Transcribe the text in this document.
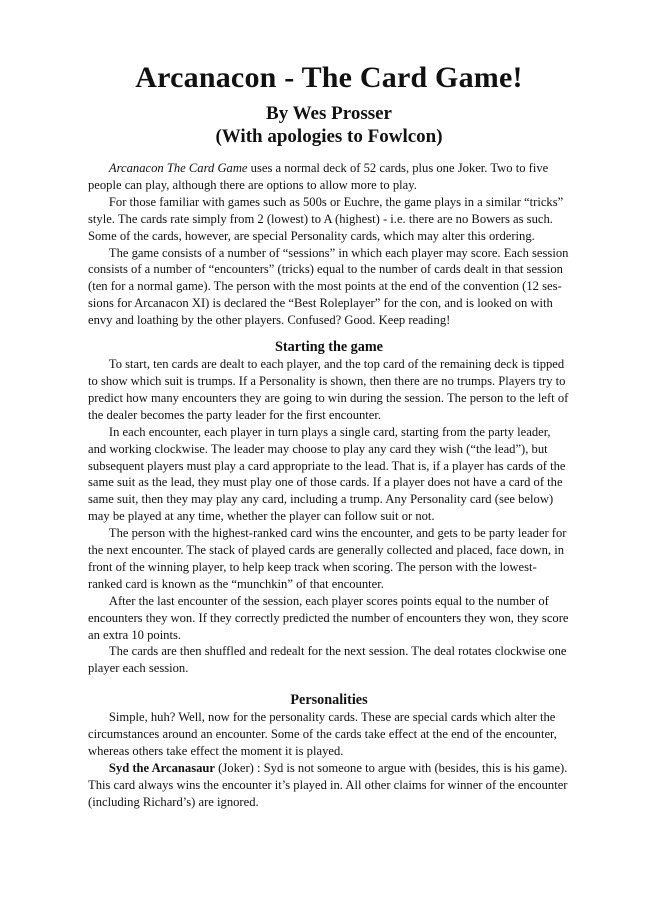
Arcanacon - The Card Game!
By Wes Prosser
(With apologies to Fowlcon)

  Arcanacon The Card Game uses a normal deck of 52 cards, plus one Joker. Two to five people can play, although there are options to allow more to play.

  For those familiar with games such as 500s or Euchre, the game plays in a similar “tricks” style. The cards rate simply from 2 (lowest) to A (highest) - i.e. there are no Bowers as such. Some of the cards, however, are special Personality cards, which may alter this ordering.

  The game consists of a number of “sessions” in which each player may score. Each session consists of a number of “encounters” (tricks) equal to the number of cards dealt in that session (ten for a normal game). The person with the most points at the end of the convention (12 ses- sions for Arcanacon XI) is declared the “Best Roleplayer” for the con, and is looked on with envy and loathing by the other players. Confused? Good. Keep reading!

Starting the game

  To start, ten cards are dealt to each player, and the top card of the remaining deck is tipped to show which suit is trumps. If a Personality is shown, then there are no trumps. Players try to predict how many encounters they are going to win during the session. The person to the left of the dealer becomes the party leader for the first encounter.

  In each encounter, each player in turn plays a single card, starting from the party leader, and working clockwise. The leader may choose to play any card they wish (“the lead”), but subsequent players must play a card appropriate to the lead. That is, if a player has cards of the same suit as the lead, they must play one of those cards. If a player does not have a card of the same suit, then they may play any card, including a trump. Any Personality card (see below) may be played at any time, whether the player can follow suit or not.

  The person with the highest-ranked card wins the encounter, and gets to be party leader for the next encounter. The stack of played cards are generally collected and placed, face down, in front of the winning player, to help keep track when scoring. The person with the lowest-ranked card is known as the “munchkin” of that encounter.

  After the last encounter of the session, each player scores points equal to the number of encounters they won. If they correctly predicted the number of encounters they won, they score an extra 10 points.

  The cards are then shuffled and redealt for the next session. The deal rotates clockwise one player each session.

Personalities

  Simple, huh? Well, now for the personality cards. These are special cards which alter the circumstances around an encounter. Some of the cards take effect at the end of the encounter, whereas others take effect the moment it is played.

  Syd the Arcanasaur (Joker) : Syd is not someone to argue with (besides, this is his game). This card always wins the encounter it’s played in. All other claims for winner of the encounter (including Richard’s) are ignored.
